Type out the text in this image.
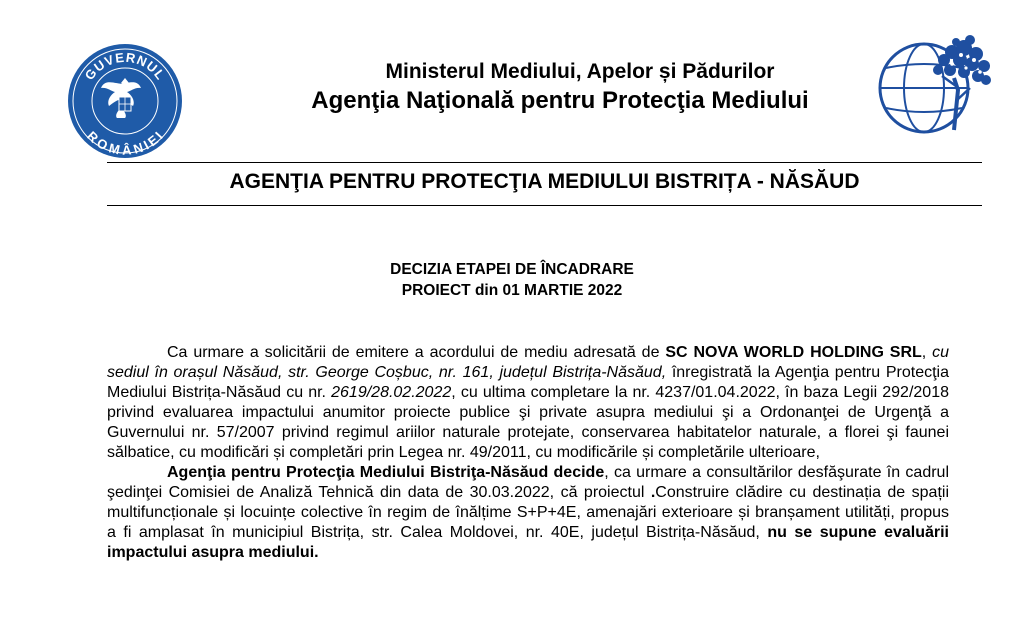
GUVERNUL
ROMÂNIEI
Ministerul Mediului, Apelor și Pădurilor
Agenţia Naţională pentru Protecţia Mediului
AGENŢIA PENTRU PROTECŢIA MEDIULUI BISTRIȚA - NĂSĂUD
DECIZIA ETAPEI DE ÎNCADRARE
PROIECT din 01 MARTIE 2022

Ca urmare a solicitării de emitere a acordului de mediu adresată de SC NOVA WORLD HOLDING SRL, cu sediul în orașul Năsăud, str. George Coșbuc, nr. 161, județul Bistrița-Năsăud, înregistrată la Agenţia pentru Protecţia Mediului Bistrița-Năsăud cu nr. 2619/28.02.2022, cu ultima completare la nr. 4237/01.04.2022, în baza Legii 292/2018 privind evaluarea impactului anumitor proiecte publice şi private asupra mediului şi a Ordonanţei de Urgenţă a Guvernului nr. 57/2007 privind regimul ariilor naturale protejate, conservarea habitatelor naturale, a florei şi faunei sălbatice, cu modificări și completări prin Legea nr. 49/2011, cu modificările și completările ulterioare,

Agenţia pentru Protecţia Mediului Bistriţa-Năsăud decide, ca urmare a consultărilor desfăşurate în cadrul şedinţei Comisiei de Analiză Tehnică din data de 30.03.2022, că proiectul .Construire clădire cu destinația de spații multifuncționale și locuințe colective în regim de înălțime S+P+4E, amenajări exterioare și branșament utilități, propus a fi amplasat în municipiul Bistrița, str. Calea Moldovei, nr. 40E, județul Bistrița-Năsăud, nu se supune evaluării impactului asupra mediului.
